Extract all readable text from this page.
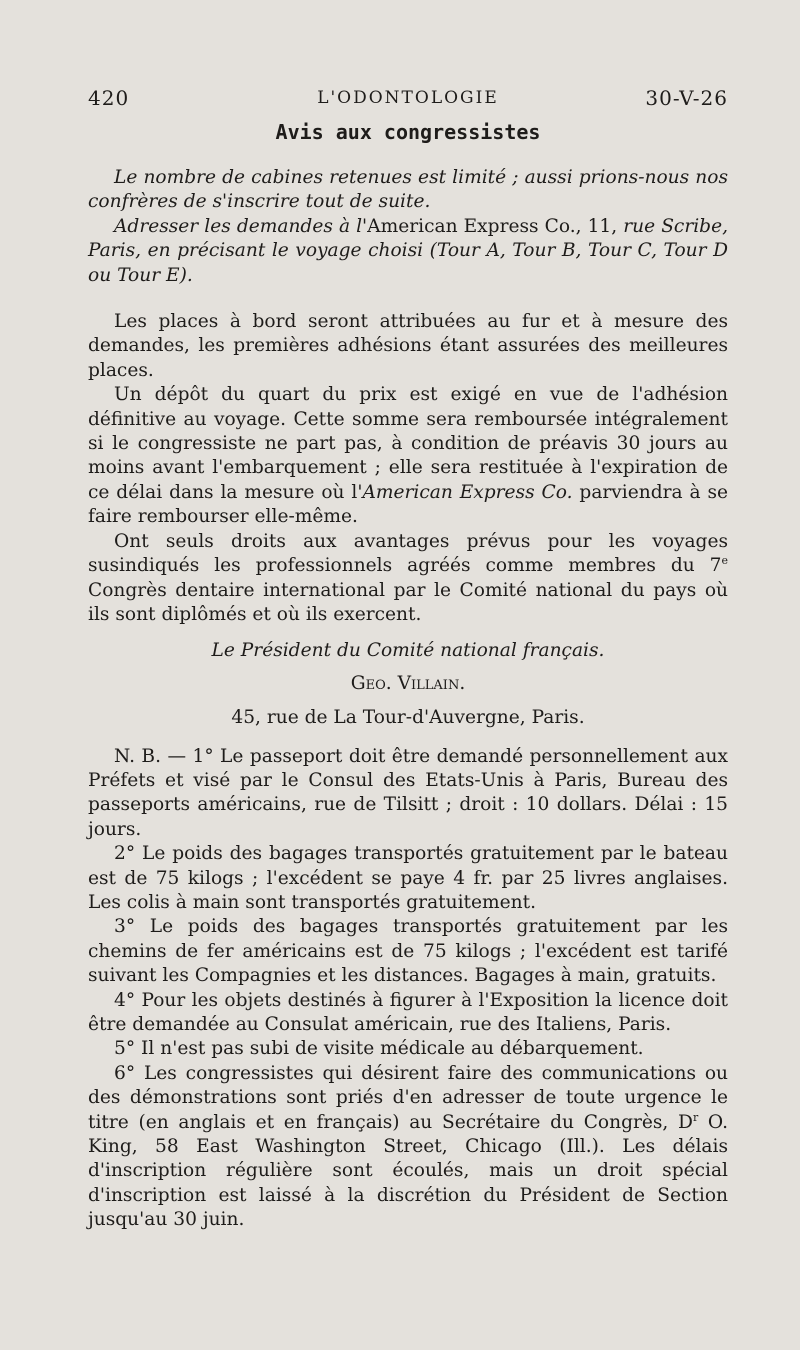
420	L'ODONTOLOGIE	30-V-26
Avis aux congressistes

Le nombre de cabines retenues est limité ; aussi prions-nous nos confrères de s'inscrire tout de suite.

Adresser les demandes à l'American Express Co., 11, rue Scribe, Paris, en précisant le voyage choisi (Tour A, Tour B, Tour C, Tour D ou Tour E).

Les places à bord seront attribuées au fur et à mesure des demandes, les premières adhésions étant assurées des meilleures places.

Un dépôt du quart du prix est exigé en vue de l'adhésion définitive au voyage. Cette somme sera remboursée intégralement si le congressiste ne part pas, à condition de préavis 30 jours au moins avant l'embarquement ; elle sera restituée à l'expiration de ce délai dans la mesure où l'American Express Co. parviendra à se faire rembourser elle-même.

Ont seuls droits aux avantages prévus pour les voyages susindiqués les professionnels agréés comme membres du 7e Congrès dentaire international par le Comité national du pays où ils sont diplômés et où ils exercent.

Le Président du Comité national français.

Geo. Villain.

45, rue de La Tour-d'Auvergne, Paris.

N. B. — 1° Le passeport doit être demandé personnellement aux Préfets et visé par le Consul des Etats-Unis à Paris, Bureau des passeports américains, rue de Tilsitt ; droit : 10 dollars. Délai : 15 jours.

2° Le poids des bagages transportés gratuitement par le bateau est de 75 kilogs ; l'excédent se paye 4 fr. par 25 livres anglaises. Les colis à main sont transportés gratuitement.

3° Le poids des bagages transportés gratuitement par les chemins de fer américains est de 75 kilogs ; l'excédent est tarifé suivant les Compagnies et les distances. Bagages à main, gratuits.

4° Pour les objets destinés à figurer à l'Exposition la licence doit être demandée au Consulat américain, rue des Italiens, Paris.

5° Il n'est pas subi de visite médicale au débarquement.

6° Les congressistes qui désirent faire des communications ou des démonstrations sont priés d'en adresser de toute urgence le titre (en anglais et en français) au Secrétaire du Congrès, $D^r$ O. King, 58 East Washington Street, Chicago (Ill.). Les délais d'inscription régulière sont écoulés, mais un droit spécial d'inscription est laissé à la discrétion du Président de Section jusqu'au 30 juin.
